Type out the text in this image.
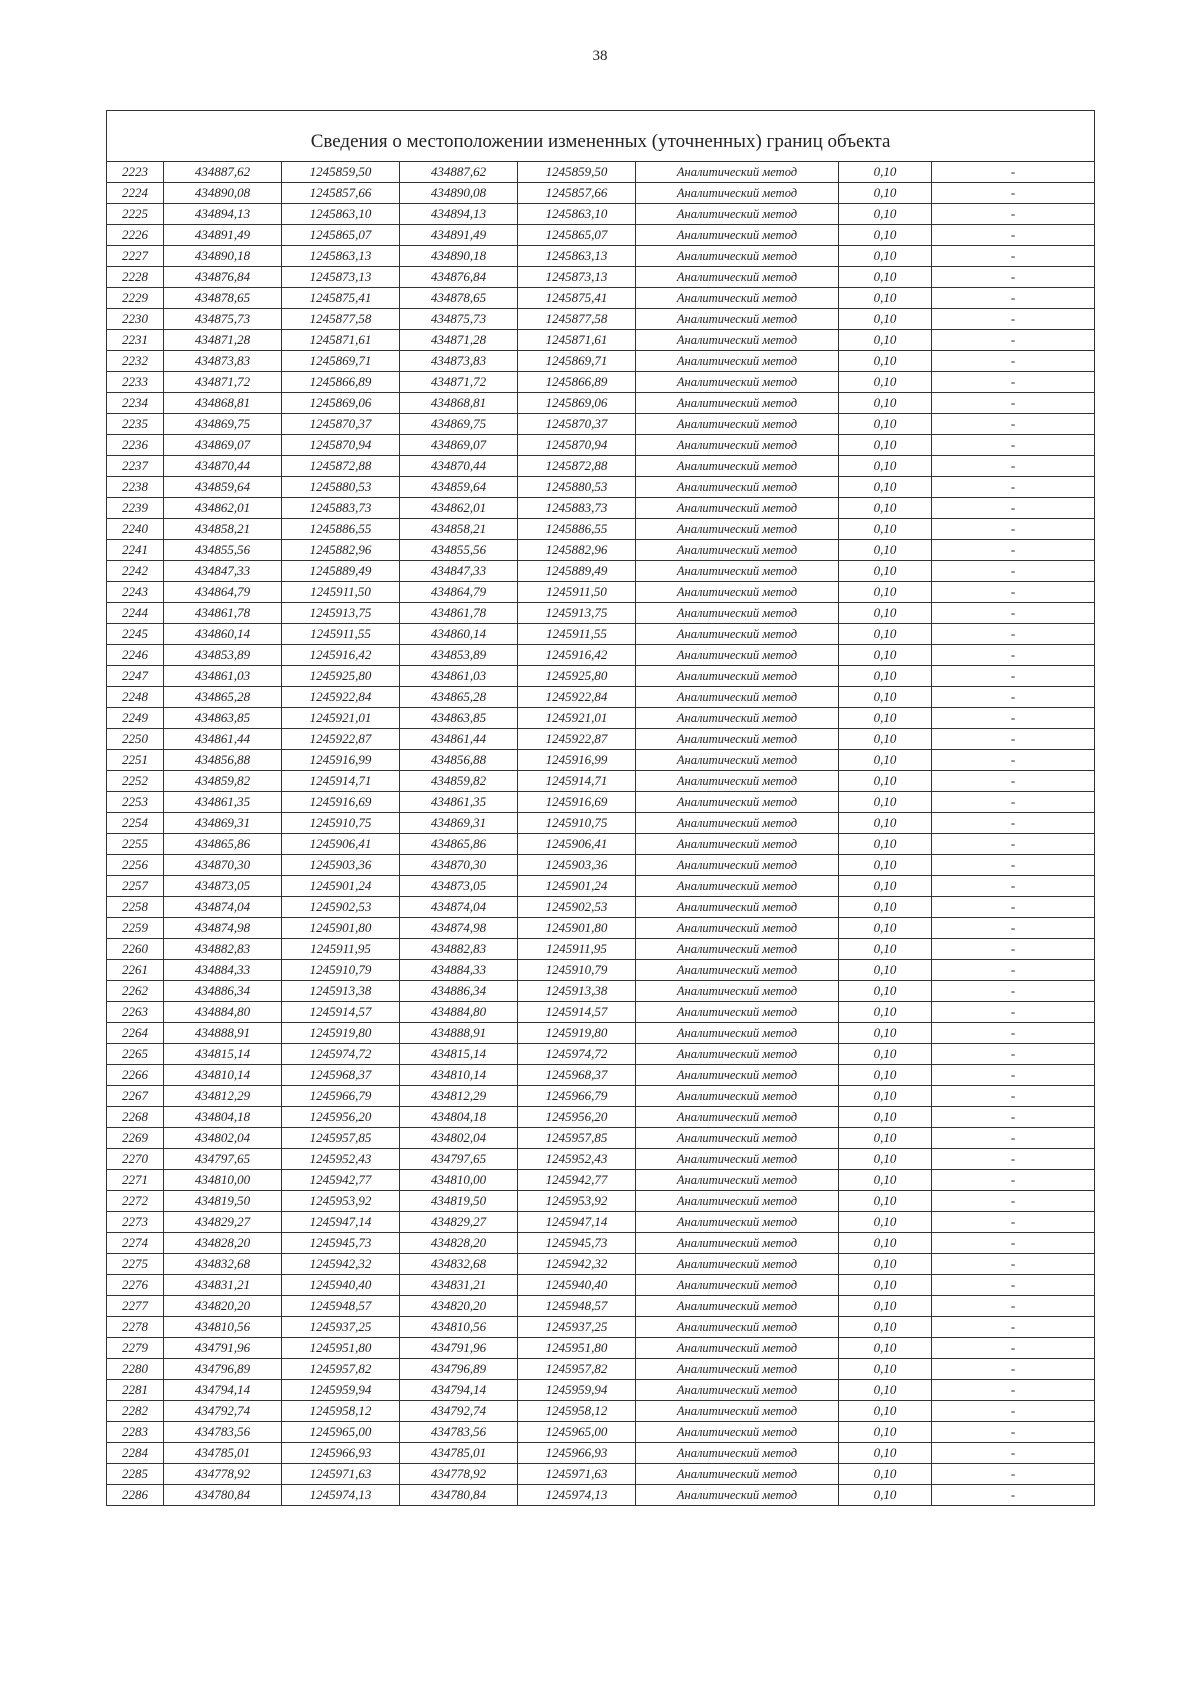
38
Сведения о местоположении измененных (уточненных) границ объекта							
2223	434887,62	1245859,50	434887,62	1245859,50	Аналитический метод	0,10	-
2224	434890,08	1245857,66	434890,08	1245857,66	Аналитический метод	0,10	-
2225	434894,13	1245863,10	434894,13	1245863,10	Аналитический метод	0,10	-
2226	434891,49	1245865,07	434891,49	1245865,07	Аналитический метод	0,10	-
2227	434890,18	1245863,13	434890,18	1245863,13	Аналитический метод	0,10	-
2228	434876,84	1245873,13	434876,84	1245873,13	Аналитический метод	0,10	-
2229	434878,65	1245875,41	434878,65	1245875,41	Аналитический метод	0,10	-
2230	434875,73	1245877,58	434875,73	1245877,58	Аналитический метод	0,10	-
2231	434871,28	1245871,61	434871,28	1245871,61	Аналитический метод	0,10	-
2232	434873,83	1245869,71	434873,83	1245869,71	Аналитический метод	0,10	-
2233	434871,72	1245866,89	434871,72	1245866,89	Аналитический метод	0,10	-
2234	434868,81	1245869,06	434868,81	1245869,06	Аналитический метод	0,10	-
2235	434869,75	1245870,37	434869,75	1245870,37	Аналитический метод	0,10	-
2236	434869,07	1245870,94	434869,07	1245870,94	Аналитический метод	0,10	-
2237	434870,44	1245872,88	434870,44	1245872,88	Аналитический метод	0,10	-
2238	434859,64	1245880,53	434859,64	1245880,53	Аналитический метод	0,10	-
2239	434862,01	1245883,73	434862,01	1245883,73	Аналитический метод	0,10	-
2240	434858,21	1245886,55	434858,21	1245886,55	Аналитический метод	0,10	-
2241	434855,56	1245882,96	434855,56	1245882,96	Аналитический метод	0,10	-
2242	434847,33	1245889,49	434847,33	1245889,49	Аналитический метод	0,10	-
2243	434864,79	1245911,50	434864,79	1245911,50	Аналитический метод	0,10	-
2244	434861,78	1245913,75	434861,78	1245913,75	Аналитический метод	0,10	-
2245	434860,14	1245911,55	434860,14	1245911,55	Аналитический метод	0,10	-
2246	434853,89	1245916,42	434853,89	1245916,42	Аналитический метод	0,10	-
2247	434861,03	1245925,80	434861,03	1245925,80	Аналитический метод	0,10	-
2248	434865,28	1245922,84	434865,28	1245922,84	Аналитический метод	0,10	-
2249	434863,85	1245921,01	434863,85	1245921,01	Аналитический метод	0,10	-
2250	434861,44	1245922,87	434861,44	1245922,87	Аналитический метод	0,10	-
2251	434856,88	1245916,99	434856,88	1245916,99	Аналитический метод	0,10	-
2252	434859,82	1245914,71	434859,82	1245914,71	Аналитический метод	0,10	-
2253	434861,35	1245916,69	434861,35	1245916,69	Аналитический метод	0,10	-
2254	434869,31	1245910,75	434869,31	1245910,75	Аналитический метод	0,10	-
2255	434865,86	1245906,41	434865,86	1245906,41	Аналитический метод	0,10	-
2256	434870,30	1245903,36	434870,30	1245903,36	Аналитический метод	0,10	-
2257	434873,05	1245901,24	434873,05	1245901,24	Аналитический метод	0,10	-
2258	434874,04	1245902,53	434874,04	1245902,53	Аналитический метод	0,10	-
2259	434874,98	1245901,80	434874,98	1245901,80	Аналитический метод	0,10	-
2260	434882,83	1245911,95	434882,83	1245911,95	Аналитический метод	0,10	-
2261	434884,33	1245910,79	434884,33	1245910,79	Аналитический метод	0,10	-
2262	434886,34	1245913,38	434886,34	1245913,38	Аналитический метод	0,10	-
2263	434884,80	1245914,57	434884,80	1245914,57	Аналитический метод	0,10	-
2264	434888,91	1245919,80	434888,91	1245919,80	Аналитический метод	0,10	-
2265	434815,14	1245974,72	434815,14	1245974,72	Аналитический метод	0,10	-
2266	434810,14	1245968,37	434810,14	1245968,37	Аналитический метод	0,10	-
2267	434812,29	1245966,79	434812,29	1245966,79	Аналитический метод	0,10	-
2268	434804,18	1245956,20	434804,18	1245956,20	Аналитический метод	0,10	-
2269	434802,04	1245957,85	434802,04	1245957,85	Аналитический метод	0,10	-
2270	434797,65	1245952,43	434797,65	1245952,43	Аналитический метод	0,10	-
2271	434810,00	1245942,77	434810,00	1245942,77	Аналитический метод	0,10	-
2272	434819,50	1245953,92	434819,50	1245953,92	Аналитический метод	0,10	-
2273	434829,27	1245947,14	434829,27	1245947,14	Аналитический метод	0,10	-
2274	434828,20	1245945,73	434828,20	1245945,73	Аналитический метод	0,10	-
2275	434832,68	1245942,32	434832,68	1245942,32	Аналитический метод	0,10	-
2276	434831,21	1245940,40	434831,21	1245940,40	Аналитический метод	0,10	-
2277	434820,20	1245948,57	434820,20	1245948,57	Аналитический метод	0,10	-
2278	434810,56	1245937,25	434810,56	1245937,25	Аналитический метод	0,10	-
2279	434791,96	1245951,80	434791,96	1245951,80	Аналитический метод	0,10	-
2280	434796,89	1245957,82	434796,89	1245957,82	Аналитический метод	0,10	-
2281	434794,14	1245959,94	434794,14	1245959,94	Аналитический метод	0,10	-
2282	434792,74	1245958,12	434792,74	1245958,12	Аналитический метод	0,10	-
2283	434783,56	1245965,00	434783,56	1245965,00	Аналитический метод	0,10	-
2284	434785,01	1245966,93	434785,01	1245966,93	Аналитический метод	0,10	-
2285	434778,92	1245971,63	434778,92	1245971,63	Аналитический метод	0,10	-
2286	434780,84	1245974,13	434780,84	1245974,13	Аналитический метод	0,10	-
